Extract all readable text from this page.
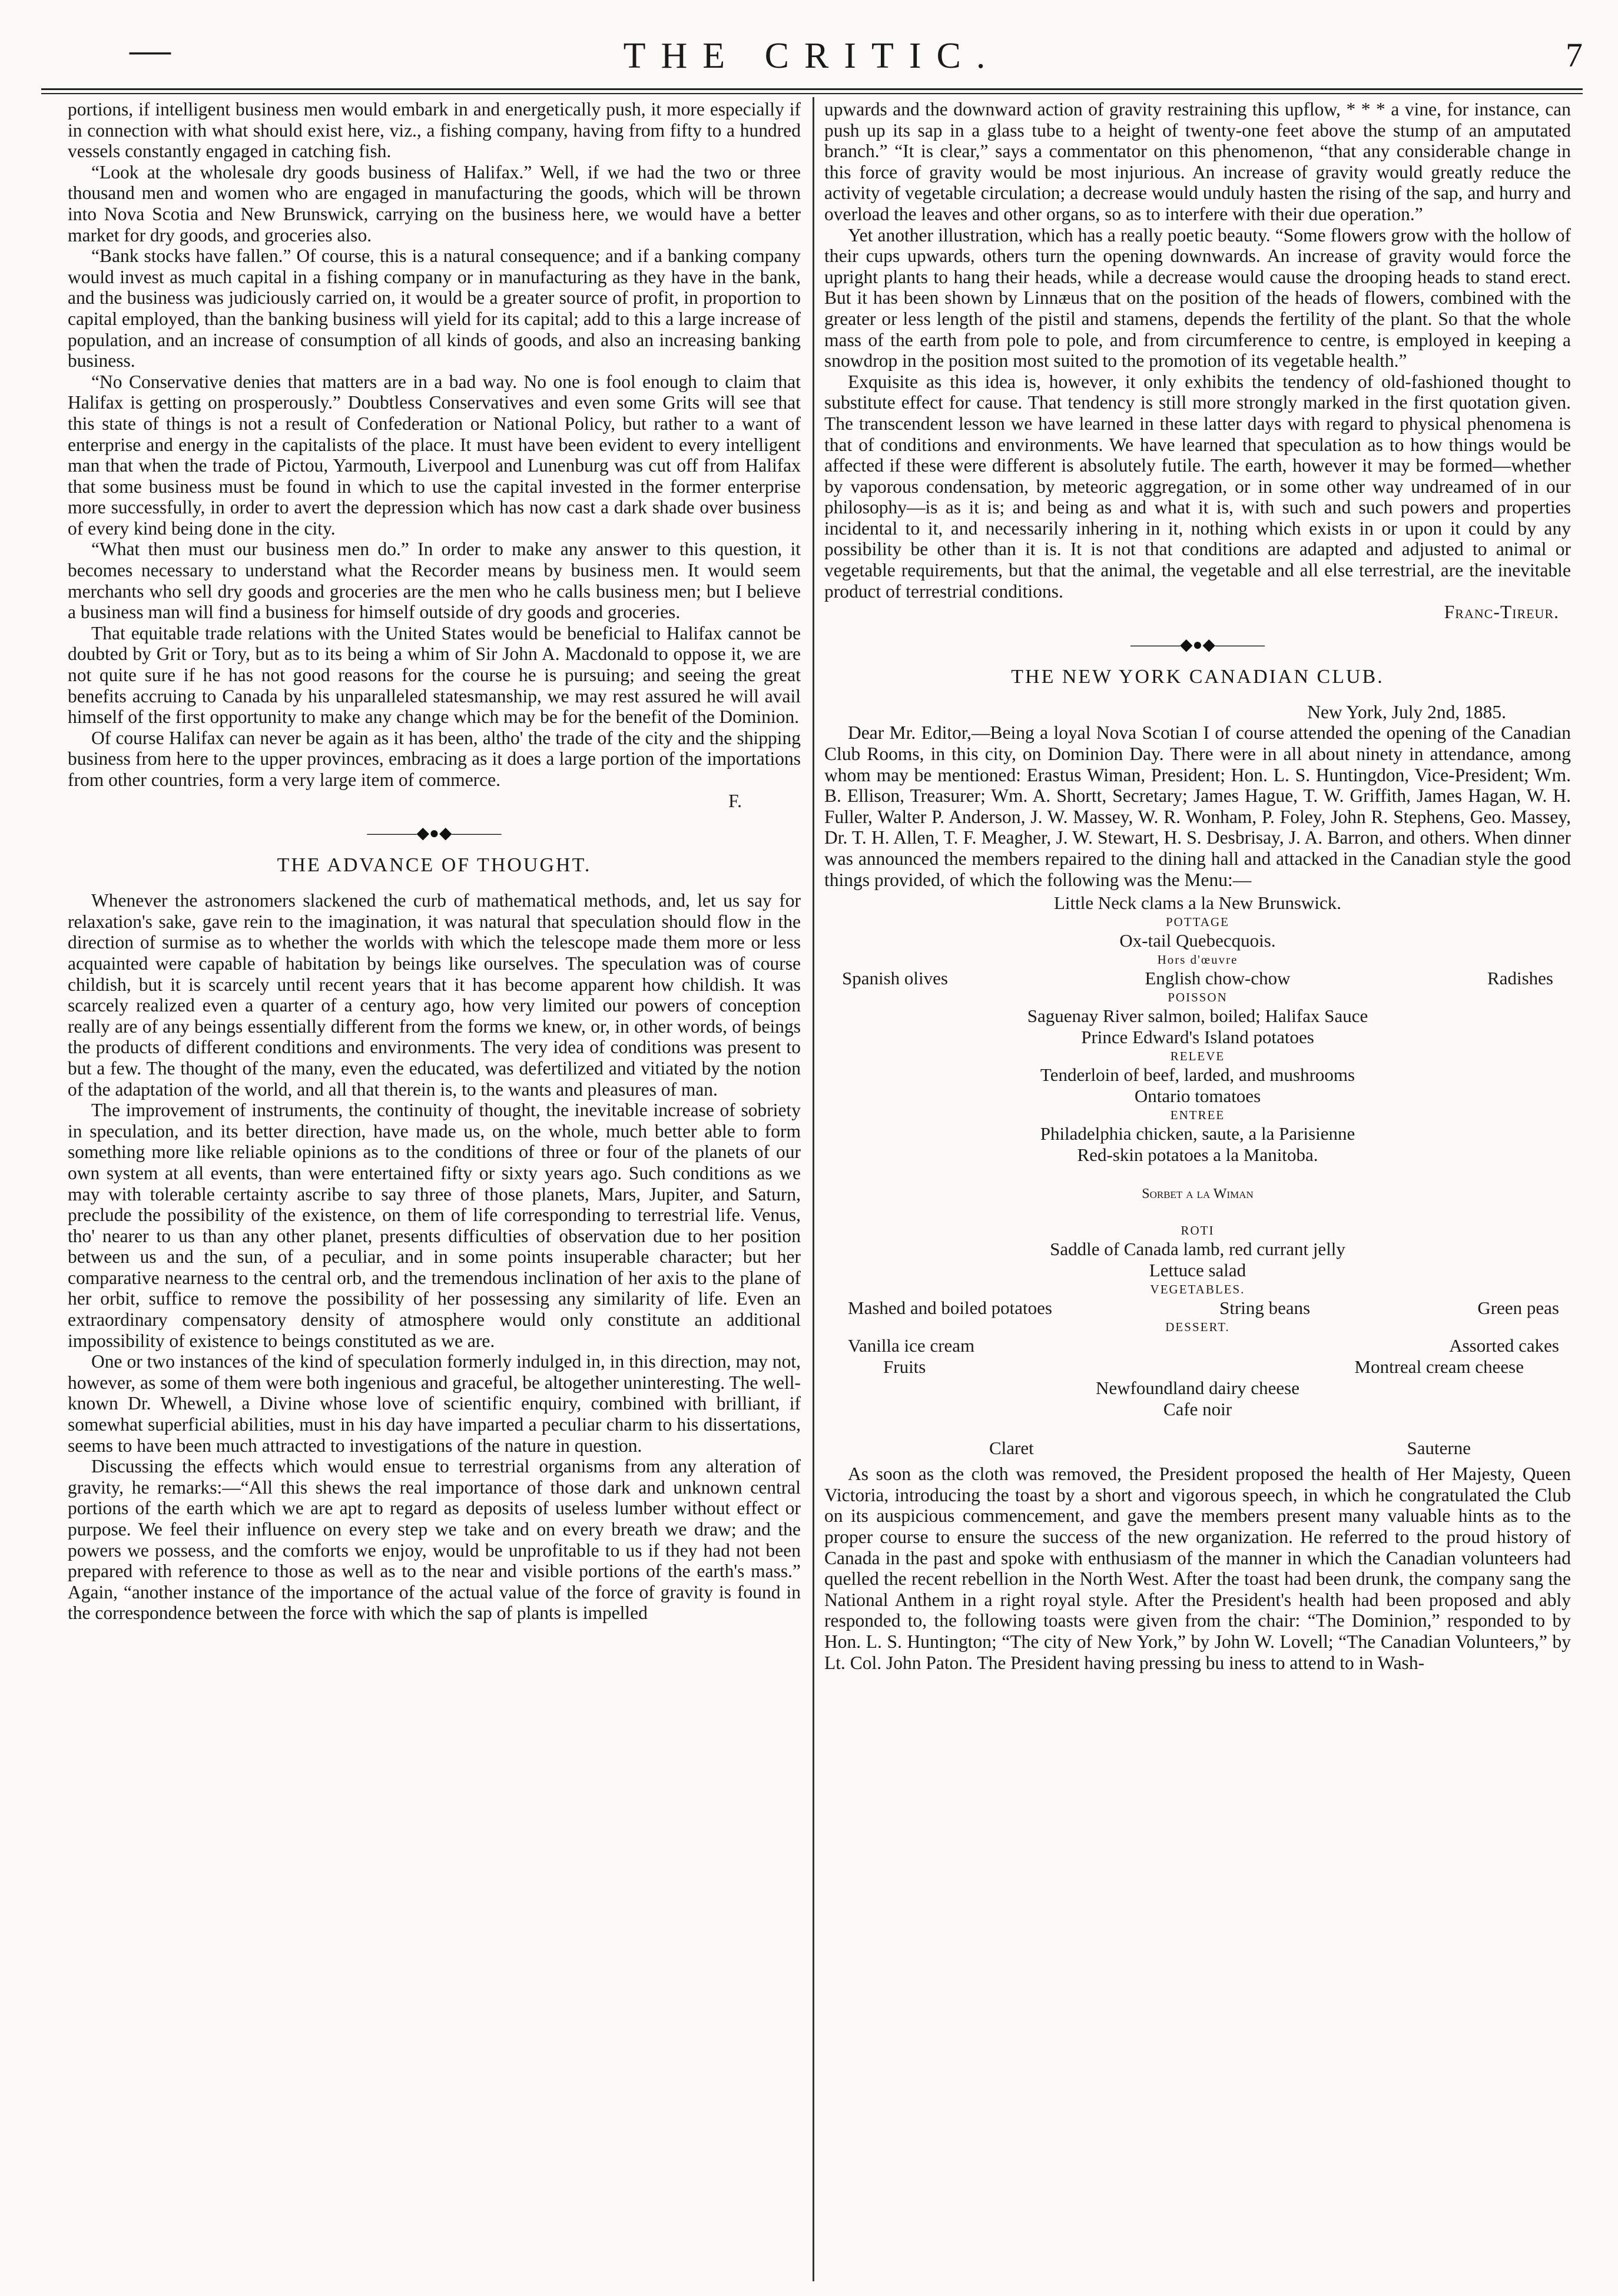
—	THE CRITIC.	7

portions, if intelligent business men would embark in and energetically push, it more especially if in connection with what should exist here, viz., a fishing company, having from fifty to a hundred vessels constantly engaged in catching fish.

“Look at the wholesale dry goods business of Halifax.” Well, if we had the two or three thousand men and women who are engaged in manufacturing the goods, which will be thrown into Nova Scotia and New Brunswick, carrying on the business here, we would have a better market for dry goods, and groceries also.

“Bank stocks have fallen.” Of course, this is a natural consequence; and if a banking company would invest as much capital in a fishing company or in manufacturing as they have in the bank, and the business was judiciously carried on, it would be a greater source of profit, in proportion to capital employed, than the banking business will yield for its capital; add to this a large increase of population, and an increase of consumption of all kinds of goods, and also an increasing banking business.

“No Conservative denies that matters are in a bad way. No one is fool enough to claim that Halifax is getting on prosperously.” Doubtless Conservatives and even some Grits will see that this state of things is not a result of Confederation or National Policy, but rather to a want of enterprise and energy in the capitalists of the place. It must have been evident to every intelligent man that when the trade of Pictou, Yarmouth, Liverpool and Lunenburg was cut off from Halifax that some business must be found in which to use the capital invested in the former enterprise more successfully, in order to avert the depression which has now cast a dark shade over business of every kind being done in the city.

“What then must our business men do.” In order to make any answer to this question, it becomes necessary to understand what the Recorder means by business men. It would seem merchants who sell dry goods and groceries are the men who he calls business men; but I believe a business man will find a business for himself outside of dry goods and groceries.

That equitable trade relations with the United States would be beneficial to Halifax cannot be doubted by Grit or Tory, but as to its being a whim of Sir John A. Macdonald to oppose it, we are not quite sure if he has not good reasons for the course he is pursuing; and seeing the great benefits accruing to Canada by his unparalleled statesmanship, we may rest assured he will avail himself of the first opportunity to make any change which may be for the benefit of the Dominion.

Of course Halifax can never be again as it has been, altho' the trade of the city and the shipping business from here to the upper provinces, embracing as it does a large portion of the importations from other countries, form a very large item of commerce.

F.

———◆●◆———
THE ADVANCE OF THOUGHT.

Whenever the astronomers slackened the curb of mathematical methods, and, let us say for relaxation's sake, gave rein to the imagination, it was natural that speculation should flow in the direction of surmise as to whether the worlds with which the telescope made them more or less acquainted were capable of habitation by beings like ourselves. The speculation was of course childish, but it is scarcely until recent years that it has become apparent how childish. It was scarcely realized even a quarter of a century ago, how very limited our powers of conception really are of any beings essentially different from the forms we knew, or, in other words, of beings the products of different conditions and environments. The very idea of conditions was present to but a few. The thought of the many, even the educated, was defertilized and vitiated by the notion of the adaptation of the world, and all that therein is, to the wants and pleasures of man.

The improvement of instruments, the continuity of thought, the inevitable increase of sobriety in speculation, and its better direction, have made us, on the whole, much better able to form something more like reliable opinions as to the conditions of three or four of the planets of our own system at all events, than were entertained fifty or sixty years ago. Such conditions as we may with tolerable certainty ascribe to say three of those planets, Mars, Jupiter, and Saturn, preclude the possibility of the existence, on them of life corresponding to terrestrial life. Venus, tho' nearer to us than any other planet, presents difficulties of observation due to her position between us and the sun, of a peculiar, and in some points insuperable character; but her comparative nearness to the central orb, and the tremendous inclination of her axis to the plane of her orbit, suffice to remove the possibility of her possessing any similarity of life. Even an extraordinary compensatory density of atmosphere would only constitute an additional impossibility of existence to beings constituted as we are.

One or two instances of the kind of speculation formerly indulged in, in this direction, may not, however, as some of them were both ingenious and graceful, be altogether uninteresting. The well-known Dr. Whewell, a Divine whose love of scientific enquiry, combined with brilliant, if somewhat superficial abilities, must in his day have imparted a peculiar charm to his dissertations, seems to have been much attracted to investigations of the nature in question.

Discussing the effects which would ensue to terrestrial organisms from any alteration of gravity, he remarks:—“All this shews the real importance of those dark and unknown central portions of the earth which we are apt to regard as deposits of useless lumber without effect or purpose. We feel their influence on every step we take and on every breath we draw; and the powers we possess, and the comforts we enjoy, would be unprofitable to us if they had not been prepared with reference to those as well as to the near and visible portions of the earth's mass.” Again, “another instance of the importance of the actual value of the force of gravity is found in the correspondence between the force with which the sap of plants is impelled

upwards and the downward action of gravity restraining this upflow, * * * a vine, for instance, can push up its sap in a glass tube to a height of twenty-one feet above the stump of an amputated branch.” “It is clear,” says a commentator on this phenomenon, “that any considerable change in this force of gravity would be most injurious. An increase of gravity would greatly reduce the activity of vegetable circulation; a decrease would unduly hasten the rising of the sap, and hurry and overload the leaves and other organs, so as to interfere with their due operation.”

Yet another illustration, which has a really poetic beauty. “Some flowers grow with the hollow of their cups upwards, others turn the opening downwards. An increase of gravity would force the upright plants to hang their heads, while a decrease would cause the drooping heads to stand erect. But it has been shown by Linnæus that on the position of the heads of flowers, combined with the greater or less length of the pistil and stamens, depends the fertility of the plant. So that the whole mass of the earth from pole to pole, and from circumference to centre, is employed in keeping a snowdrop in the position most suited to the promotion of its vegetable health.”

Exquisite as this idea is, however, it only exhibits the tendency of old-fashioned thought to substitute effect for cause. That tendency is still more strongly marked in the first quotation given. The transcendent lesson we have learned in these latter days with regard to physical phenomena is that of conditions and environments. We have learned that speculation as to how things would be affected if these were different is absolutely futile. The earth, however it may be formed—whether by vaporous condensation, by meteoric aggregation, or in some other way undreamed of in our philosophy—is as it is; and being as and what it is, with such and such powers and properties incidental to it, and necessarily inhering in it, nothing which exists in or upon it could by any possibility be other than it is. It is not that conditions are adapted and adjusted to animal or vegetable requirements, but that the animal, the vegetable and all else terrestrial, are the inevitable product of terrestrial conditions.

Franc-Tireur.

———◆●◆———
THE NEW YORK CANADIAN CLUB.

New York, July 2nd, 1885.

Dear Mr. Editor,—Being a loyal Nova Scotian I of course attended the opening of the Canadian Club Rooms, in this city, on Dominion Day. There were in all about ninety in attendance, among whom may be mentioned: Erastus Wiman, President; Hon. L. S. Huntingdon, Vice-President; Wm. B. Ellison, Treasurer; Wm. A. Shortt, Secretary; James Hague, T. W. Griffith, James Hagan, W. H. Fuller, Walter P. Anderson, J. W. Massey, W. R. Wonham, P. Foley, John R. Stephens, Geo. Massey, Dr. T. H. Allen, T. F. Meagher, J. W. Stewart, H. S. Desbrisay, J. A. Barron, and others. When dinner was announced the members repaired to the dining hall and attacked in the Canadian style the good things provided, of which the following was the Menu:—

Little Neck clams a la New Brunswick.
POTTAGE
Ox-tail Quebecquois.
Hors d'œuvre
Spanish olives	English chow-chow	Radishes
POISSON
Saguenay River salmon, boiled; Halifax Sauce
Prince Edward's Island potatoes
RELEVE
Tenderloin of beef, larded, and mushrooms
Ontario tomatoes
ENTREE
Philadelphia chicken, saute, a la Parisienne
Red-skin potatoes a la Manitoba.
Sorbet a la Wiman
ROTI
Saddle of Canada lamb, red currant jelly
Lettuce salad
VEGETABLES.
Mashed and boiled potatoes	String beans	Green peas
DESSERT.
Vanilla ice cream	Assorted cakes
Fruits	Montreal cream cheese
Newfoundland dairy cheese
Cafe noir
Claret	Sauterne

As soon as the cloth was removed, the President proposed the health of Her Majesty, Queen Victoria, introducing the toast by a short and vigorous speech, in which he congratulated the Club on its auspicious commencement, and gave the members present many valuable hints as to the proper course to ensure the success of the new organization. He referred to the proud history of Canada in the past and spoke with enthusiasm of the manner in which the Canadian volunteers had quelled the recent rebellion in the North West. After the toast had been drunk, the company sang the National Anthem in a right royal style. After the President's health had been proposed and ably responded to, the following toasts were given from the chair: “The Dominion,” responded to by Hon. L. S. Huntington; “The city of New York,” by John W. Lovell; “The Canadian Volunteers,” by Lt. Col. John Paton. The President having pressing bu iness to attend to in Wash-
